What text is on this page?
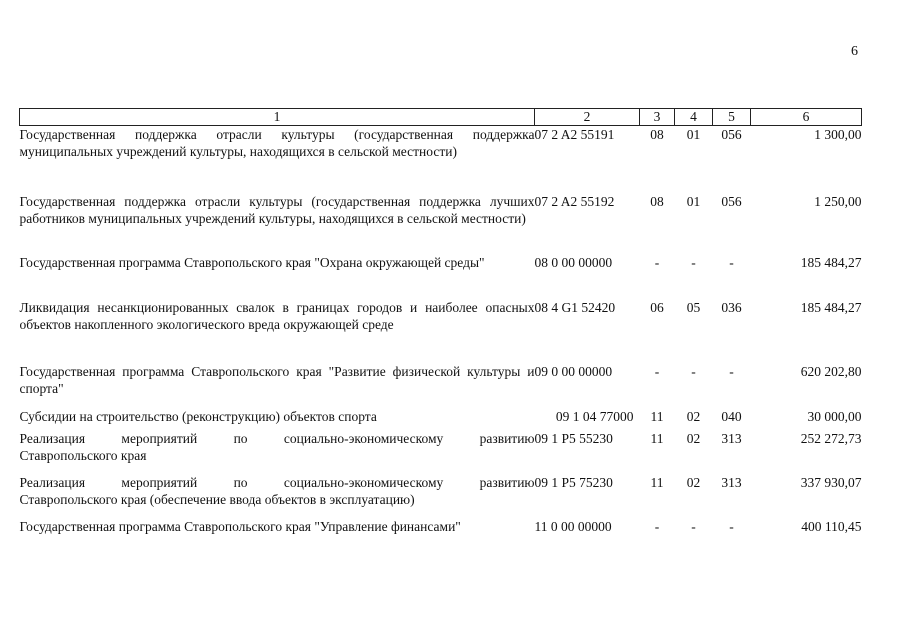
6
1	2	3	4	5	6
Государственная поддержка отрасли культуры (государственная поддержка муниципальных учреждений культуры, находящихся в сельской местности)	07 2 A2 55191	08	01	056	1 300,00
Государственная поддержка отрасли культуры (государственная поддержка лучших работников муниципальных учреждений культуры, находящихся в сельской местности)	07 2 A2 55192	08	01	056	1 250,00
Государственная программа Ставропольского края "Охрана окружающей среды"	08 0 00 00000	-	-	-	185 484,27
Ликвидация несанкционированных свалок в границах городов и наиболее опасных объектов накопленного экологического вреда окружающей среде	08 4 G1 52420	06	05	036	185 484,27
Государственная программа Ставропольского края "Развитие физической культуры и спорта"	09 0 00 00000	-	-	-	620 202,80
Субсидии на строительство (реконструкцию) объектов спорта	09 1 04 77000	11	02	040	30 000,00

Реализация мероприятий по социально-экономическому развитию
Ставропольского края	09 1 P5 55230	11	02	313	252 272,73

Реализация мероприятий по социально-экономическому развитию
Ставропольского края (обеспечение ввода объектов в эксплуатацию)	09 1 P5 75230	11	02	313	337 930,07
Государственная программа Ставропольского края "Управление финансами"	11 0 00 00000	-	-	-	400 110,45
